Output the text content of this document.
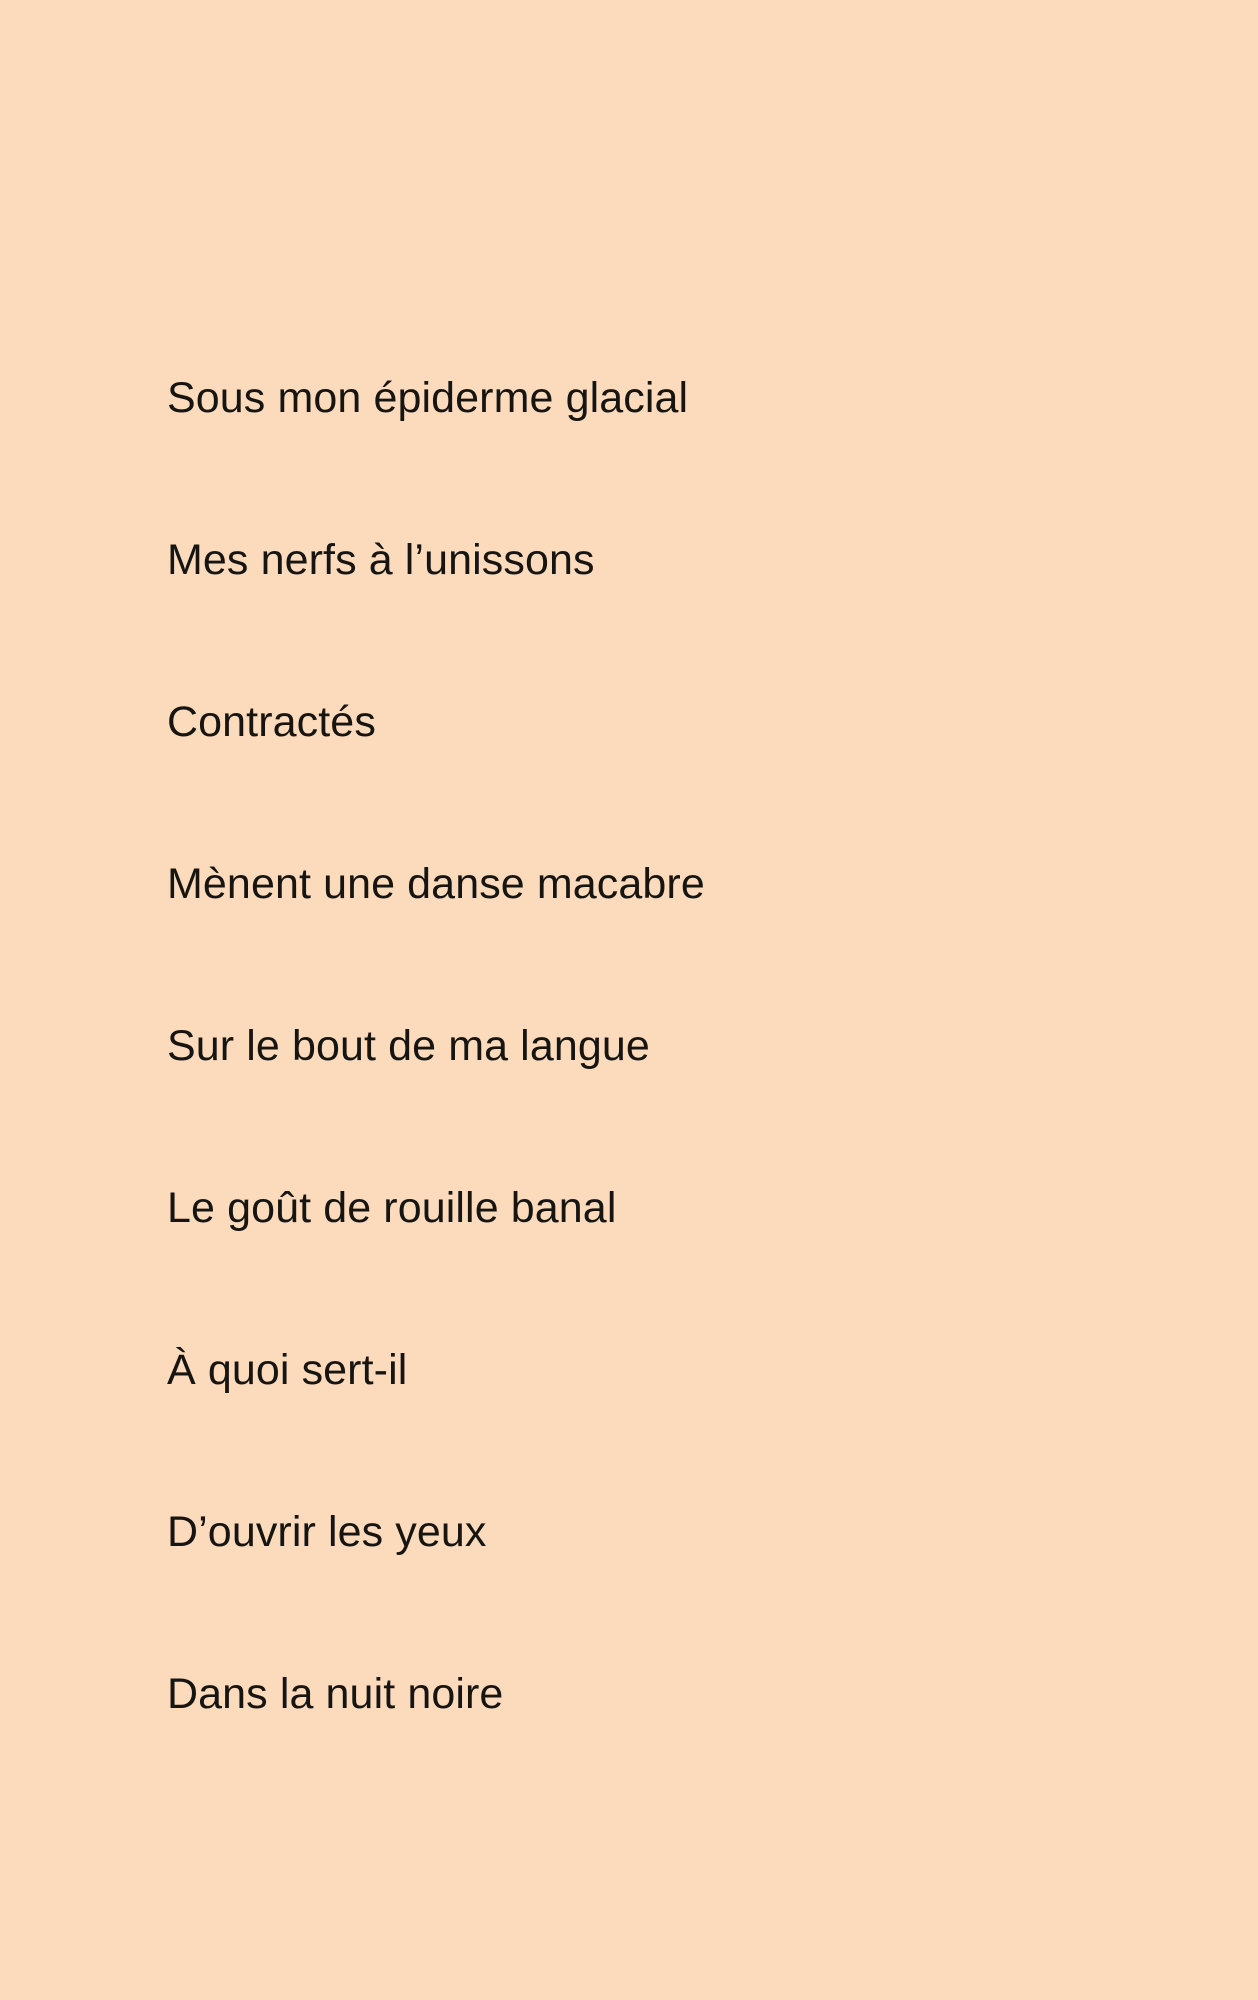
Sous mon épiderme glacial

Mes nerfs à l’unissons

Contractés

Mènent une danse macabre

Sur le bout de ma langue

Le goût de rouille banal

À quoi sert-il

D’ouvrir les yeux

Dans la nuit noire
